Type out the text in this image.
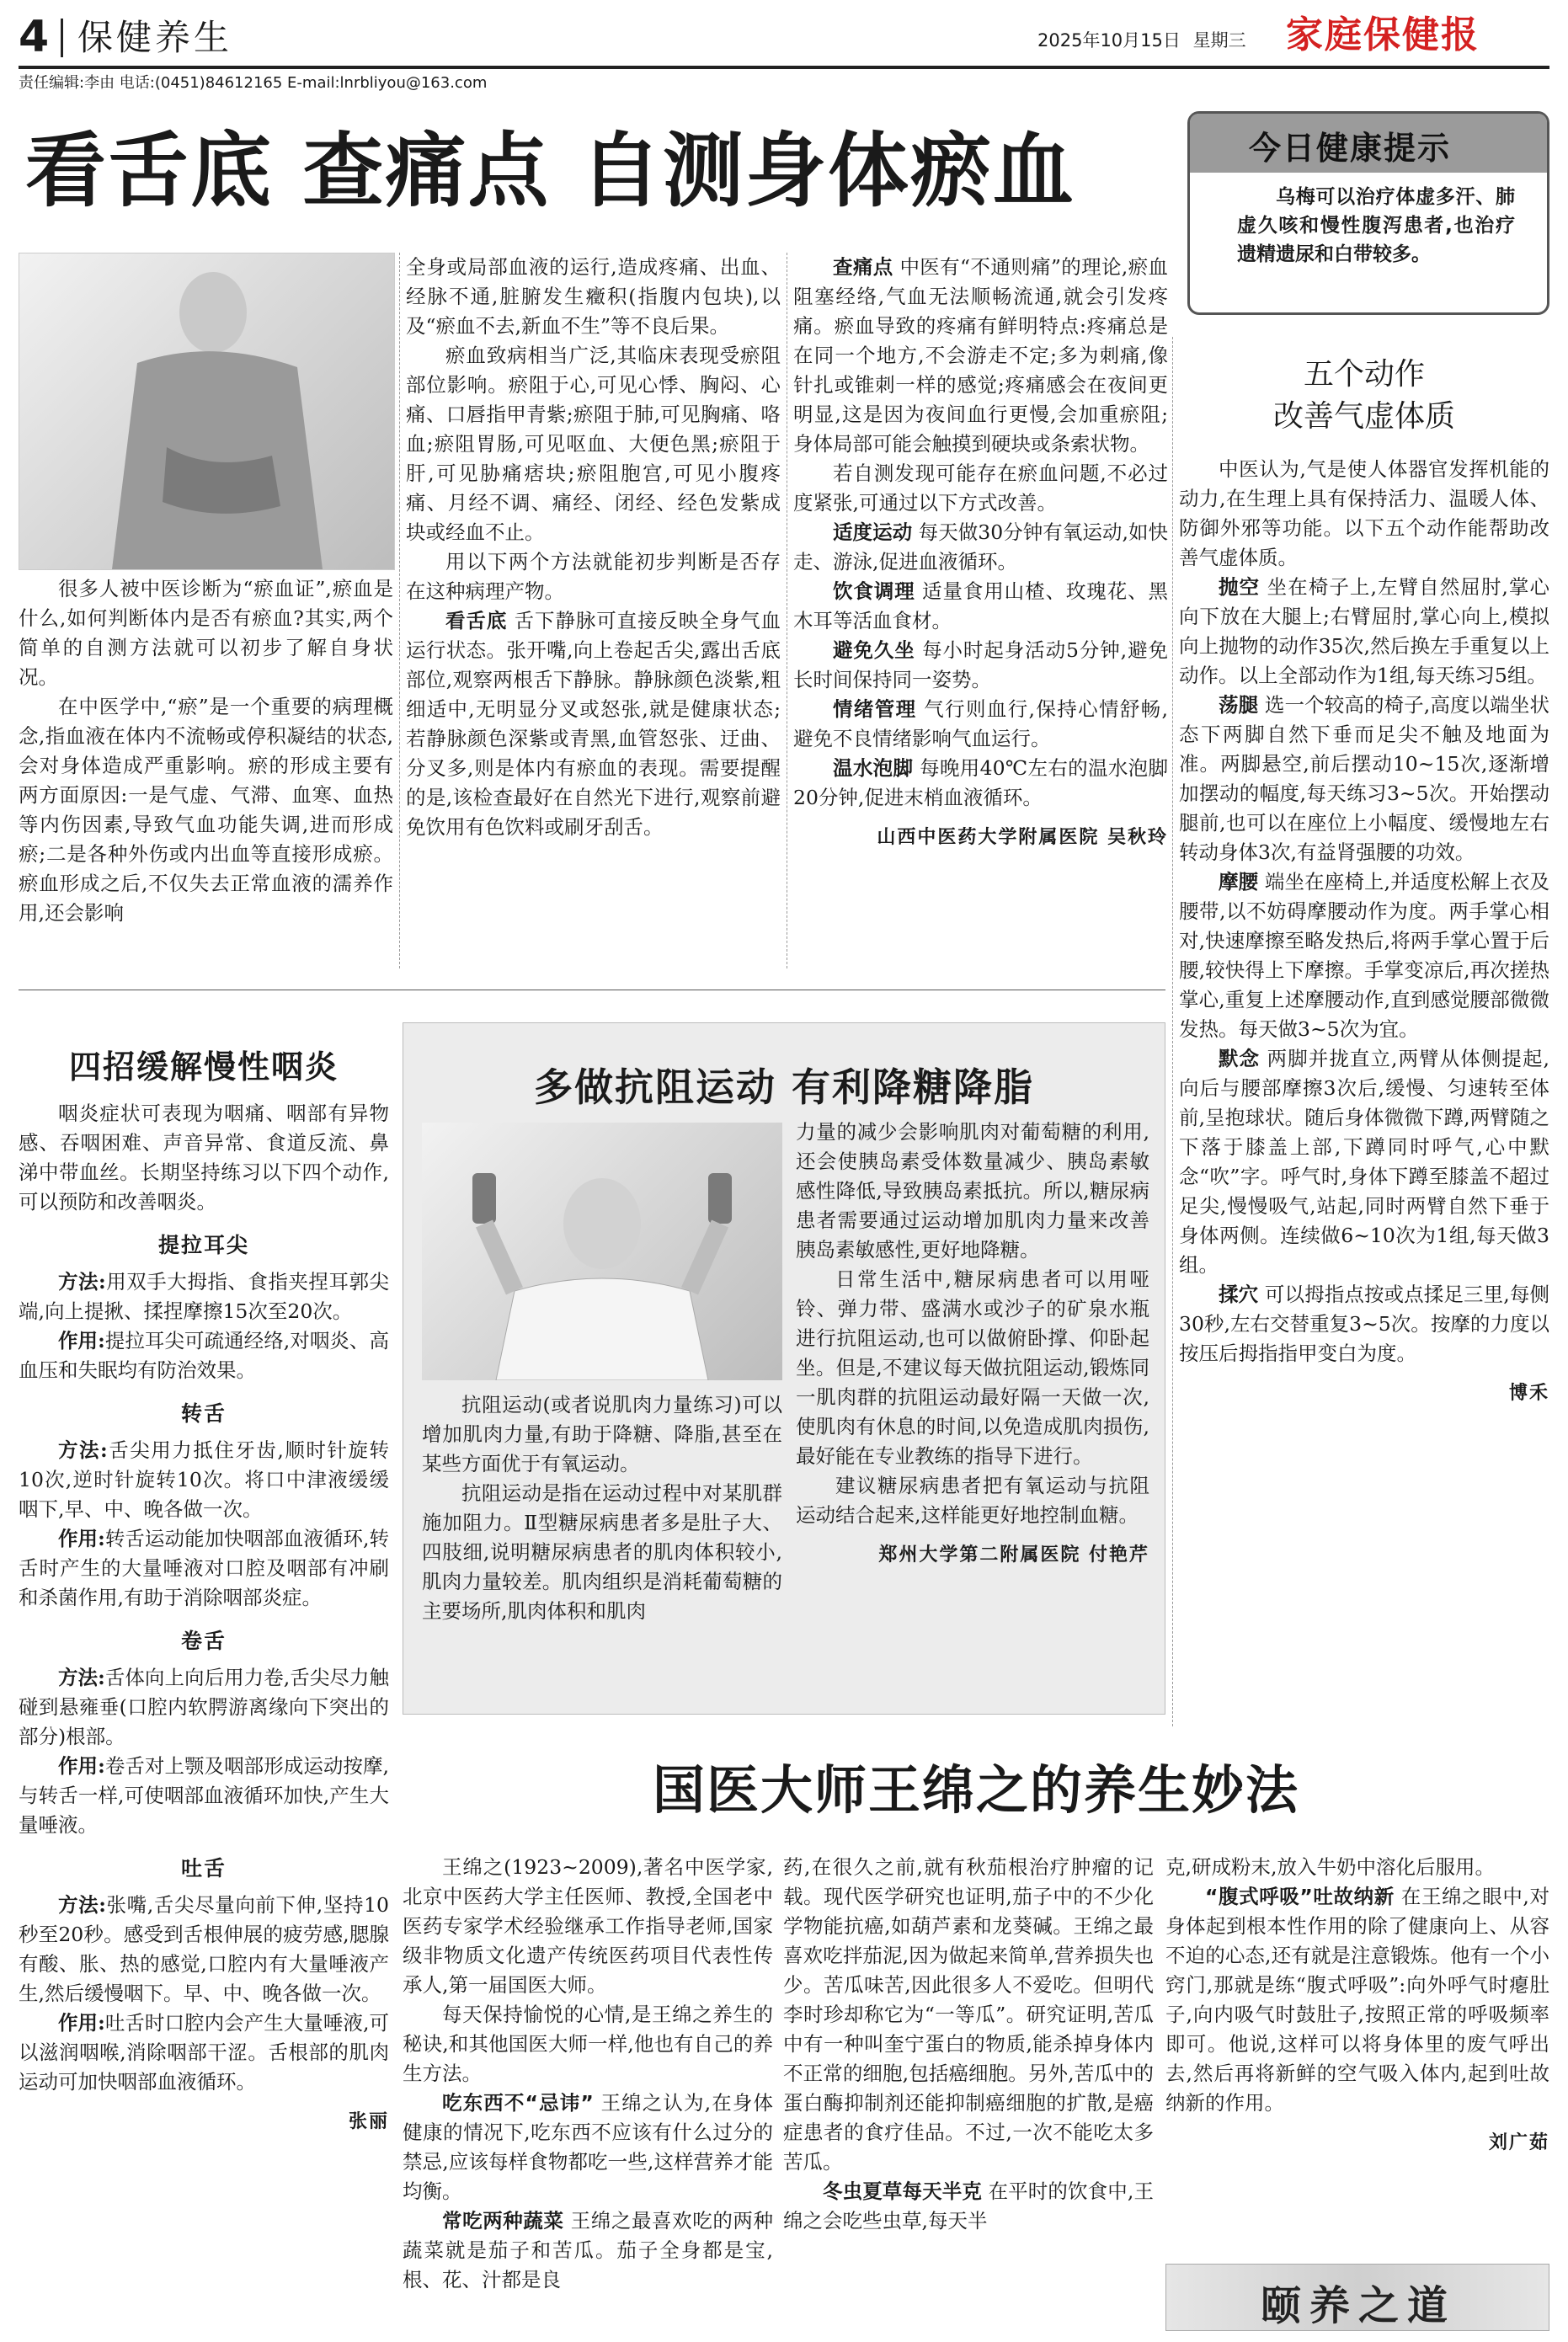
4 保健养生	2025年10月15日 星期三 家庭保健报
责任编辑:李由 电话:(0451)84612165 E-mail:lnrbliyou@163.com
看舌底 查痛点 自测身体瘀血

很多人被中医诊断为“瘀血证”,瘀血是什么,如何判断体内是否有瘀血?其实,两个简单的自测方法就可以初步了解自身状况。

在中医学中,“瘀”是一个重要的病理概念,指血液在体内不流畅或停积凝结的状态,会对身体造成严重影响。瘀的形成主要有两方面原因:一是气虚、气滞、血寒、血热等内伤因素,导致气血功能失调,进而形成瘀;二是各种外伤或内出血等直接形成瘀。瘀血形成之后,不仅失去正常血液的濡养作用,还会影响

全身或局部血液的运行,造成疼痛、出血、经脉不通,脏腑发生癥积(指腹内包块),以及“瘀血不去,新血不生”等不良后果。

瘀血致病相当广泛,其临床表现受瘀阻部位影响。瘀阻于心,可见心悸、胸闷、心痛、口唇指甲青紫;瘀阻于肺,可见胸痛、咯血;瘀阻胃肠,可见呕血、大便色黑;瘀阻于肝,可见胁痛痞块;瘀阻胞宫,可见小腹疼痛、月经不调、痛经、闭经、经色发紫成块或经血不止。

用以下两个方法就能初步判断是否存在这种病理产物。

看舌底 舌下静脉可直接反映全身气血运行状态。张开嘴,向上卷起舌尖,露出舌底部位,观察两根舌下静脉。静脉颜色淡紫,粗细适中,无明显分叉或怒张,就是健康状态;若静脉颜色深紫或青黑,血管怒张、迂曲、分叉多,则是体内有瘀血的表现。需要提醒的是,该检查最好在自然光下进行,观察前避免饮用有色饮料或刷牙刮舌。

查痛点 中医有“不通则痛”的理论,瘀血阻塞经络,气血无法顺畅流通,就会引发疼痛。瘀血导致的疼痛有鲜明特点:疼痛总是在同一个地方,不会游走不定;多为刺痛,像针扎或锥刺一样的感觉;疼痛感会在夜间更明显,这是因为夜间血行更慢,会加重瘀阻;身体局部可能会触摸到硬块或条索状物。

若自测发现可能存在瘀血问题,不必过度紧张,可通过以下方式改善。

适度运动 每天做30分钟有氧运动,如快走、游泳,促进血液循环。

饮食调理 适量食用山楂、玫瑰花、黑木耳等活血食材。

避免久坐 每小时起身活动5分钟,避免长时间保持同一姿势。

情绪管理 气行则血行,保持心情舒畅,避免不良情绪影响气血运行。

温水泡脚 每晚用40℃左右的温水泡脚20分钟,促进末梢血液循环。

山西中医药大学附属医院 吴秋玲
今日健康提示

乌梅可以治疗体虚多汗、肺虚久咳和慢性腹泻患者,也治疗遗精遗尿和白带较多。

五个动作
改善气虚体质

中医认为,气是使人体器官发挥机能的动力,在生理上具有保持活力、温暖人体、防御外邪等功能。以下五个动作能帮助改善气虚体质。

抛空 坐在椅子上,左臂自然屈肘,掌心向下放在大腿上;右臂屈肘,掌心向上,模拟向上抛物的动作35次,然后换左手重复以上动作。以上全部动作为1组,每天练习5组。

荡腿 选一个较高的椅子,高度以端坐状态下两脚自然下垂而足尖不触及地面为准。两脚悬空,前后摆动10~15次,逐渐增加摆动的幅度,每天练习3~5次。开始摆动腿前,也可以在座位上小幅度、缓慢地左右转动身体3次,有益肾强腰的功效。

摩腰 端坐在座椅上,并适度松解上衣及腰带,以不妨碍摩腰动作为度。两手掌心相对,快速摩擦至略发热后,将两手掌心置于后腰,较快得上下摩擦。手掌变凉后,再次搓热掌心,重复上述摩腰动作,直到感觉腰部微微发热。每天做3~5次为宜。

默念 两脚并拢直立,两臂从体侧提起,向后与腰部摩擦3次后,缓慢、匀速转至体前,呈抱球状。随后身体微微下蹲,两臂随之下落于膝盖上部,下蹲同时呼气,心中默念“吹”字。呼气时,身体下蹲至膝盖不超过足尖,慢慢吸气,站起,同时两臂自然下垂于身体两侧。连续做6~10次为1组,每天做3组。

揉穴 可以拇指点按或点揉足三里,每侧30秒,左右交替重复3~5次。按摩的力度以按压后拇指指甲变白为度。

博禾
四招缓解慢性咽炎

咽炎症状可表现为咽痛、咽部有异物感、吞咽困难、声音异常、食道反流、鼻涕中带血丝。长期坚持练习以下四个动作,可以预防和改善咽炎。

提拉耳尖

方法:用双手大拇指、食指夹捏耳郭尖端,向上提揪、揉捏摩擦15次至20次。

作用:提拉耳尖可疏通经络,对咽炎、高血压和失眠均有防治效果。

转舌

方法:舌尖用力抵住牙齿,顺时针旋转10次,逆时针旋转10次。将口中津液缓缓咽下,早、中、晚各做一次。

作用:转舌运动能加快咽部血液循环,转舌时产生的大量唾液对口腔及咽部有冲刷和杀菌作用,有助于消除咽部炎症。

卷舌

方法:舌体向上向后用力卷,舌尖尽力触碰到悬雍垂(口腔内软腭游离缘向下突出的部分)根部。

作用:卷舌对上颚及咽部形成运动按摩,与转舌一样,可使咽部血液循环加快,产生大量唾液。

吐舌

方法:张嘴,舌尖尽量向前下伸,坚持10秒至20秒。感受到舌根伸展的疲劳感,腮腺有酸、胀、热的感觉,口腔内有大量唾液产生,然后缓慢咽下。早、中、晚各做一次。

作用:吐舌时口腔内会产生大量唾液,可以滋润咽喉,消除咽部干涩。舌根部的肌肉运动可加快咽部血液循环。

张丽
多做抗阻运动 有利降糖降脂

抗阻运动(或者说肌肉力量练习)可以增加肌肉力量,有助于降糖、降脂,甚至在某些方面优于有氧运动。

抗阻运动是指在运动过程中对某肌群施加阻力。Ⅱ型糖尿病患者多是肚子大、四肢细,说明糖尿病患者的肌肉体积较小,肌肉力量较差。肌肉组织是消耗葡萄糖的主要场所,肌肉体积和肌肉

力量的减少会影响肌肉对葡萄糖的利用,还会使胰岛素受体数量减少、胰岛素敏感性降低,导致胰岛素抵抗。所以,糖尿病患者需要通过运动增加肌肉力量来改善胰岛素敏感性,更好地降糖。

日常生活中,糖尿病患者可以用哑铃、弹力带、盛满水或沙子的矿泉水瓶进行抗阻运动,也可以做俯卧撑、仰卧起坐。但是,不建议每天做抗阻运动,锻炼同一肌肉群的抗阻运动最好隔一天做一次,使肌肉有休息的时间,以免造成肌肉损伤,最好能在专业教练的指导下进行。

建议糖尿病患者把有氧运动与抗阻运动结合起来,这样能更好地控制血糖。

郑州大学第二附属医院 付艳芹
国医大师王绵之的养生妙法

王绵之(1923~2009),著名中医学家,北京中医药大学主任医师、教授,全国老中医药专家学术经验继承工作指导老师,国家级非物质文化遗产传统医药项目代表性传承人,第一届国医大师。

每天保持愉悦的心情,是王绵之养生的秘诀,和其他国医大师一样,他也有自己的养生方法。

吃东西不“忌讳” 王绵之认为,在身体健康的情况下,吃东西不应该有什么过分的禁忌,应该每样食物都吃一些,这样营养才能均衡。

常吃两种蔬菜 王绵之最喜欢吃的两种蔬菜就是茄子和苦瓜。茄子全身都是宝,根、花、汁都是良

药,在很久之前,就有秋茄根治疗肿瘤的记载。现代医学研究也证明,茄子中的不少化学物能抗癌,如葫芦素和龙葵碱。王绵之最喜欢吃拌茄泥,因为做起来简单,营养损失也少。苦瓜味苦,因此很多人不爱吃。但明代李时珍却称它为“一等瓜”。研究证明,苦瓜中有一种叫奎宁蛋白的物质,能杀掉身体内不正常的细胞,包括癌细胞。另外,苦瓜中的蛋白酶抑制剂还能抑制癌细胞的扩散,是癌症患者的食疗佳品。不过,一次不能吃太多苦瓜。

冬虫夏草每天半克 在平时的饮食中,王绵之会吃些虫草,每天半

克,研成粉末,放入牛奶中溶化后服用。

“腹式呼吸”吐故纳新 在王绵之眼中,对身体起到根本性作用的除了健康向上、从容不迫的心态,还有就是注意锻炼。他有一个小窍门,那就是练“腹式呼吸”:向外呼气时瘪肚子,向内吸气时鼓肚子,按照正常的呼吸频率即可。他说,这样可以将身体里的废气呼出去,然后再将新鲜的空气吸入体内,起到吐故纳新的作用。

刘广茹
颐养之道
